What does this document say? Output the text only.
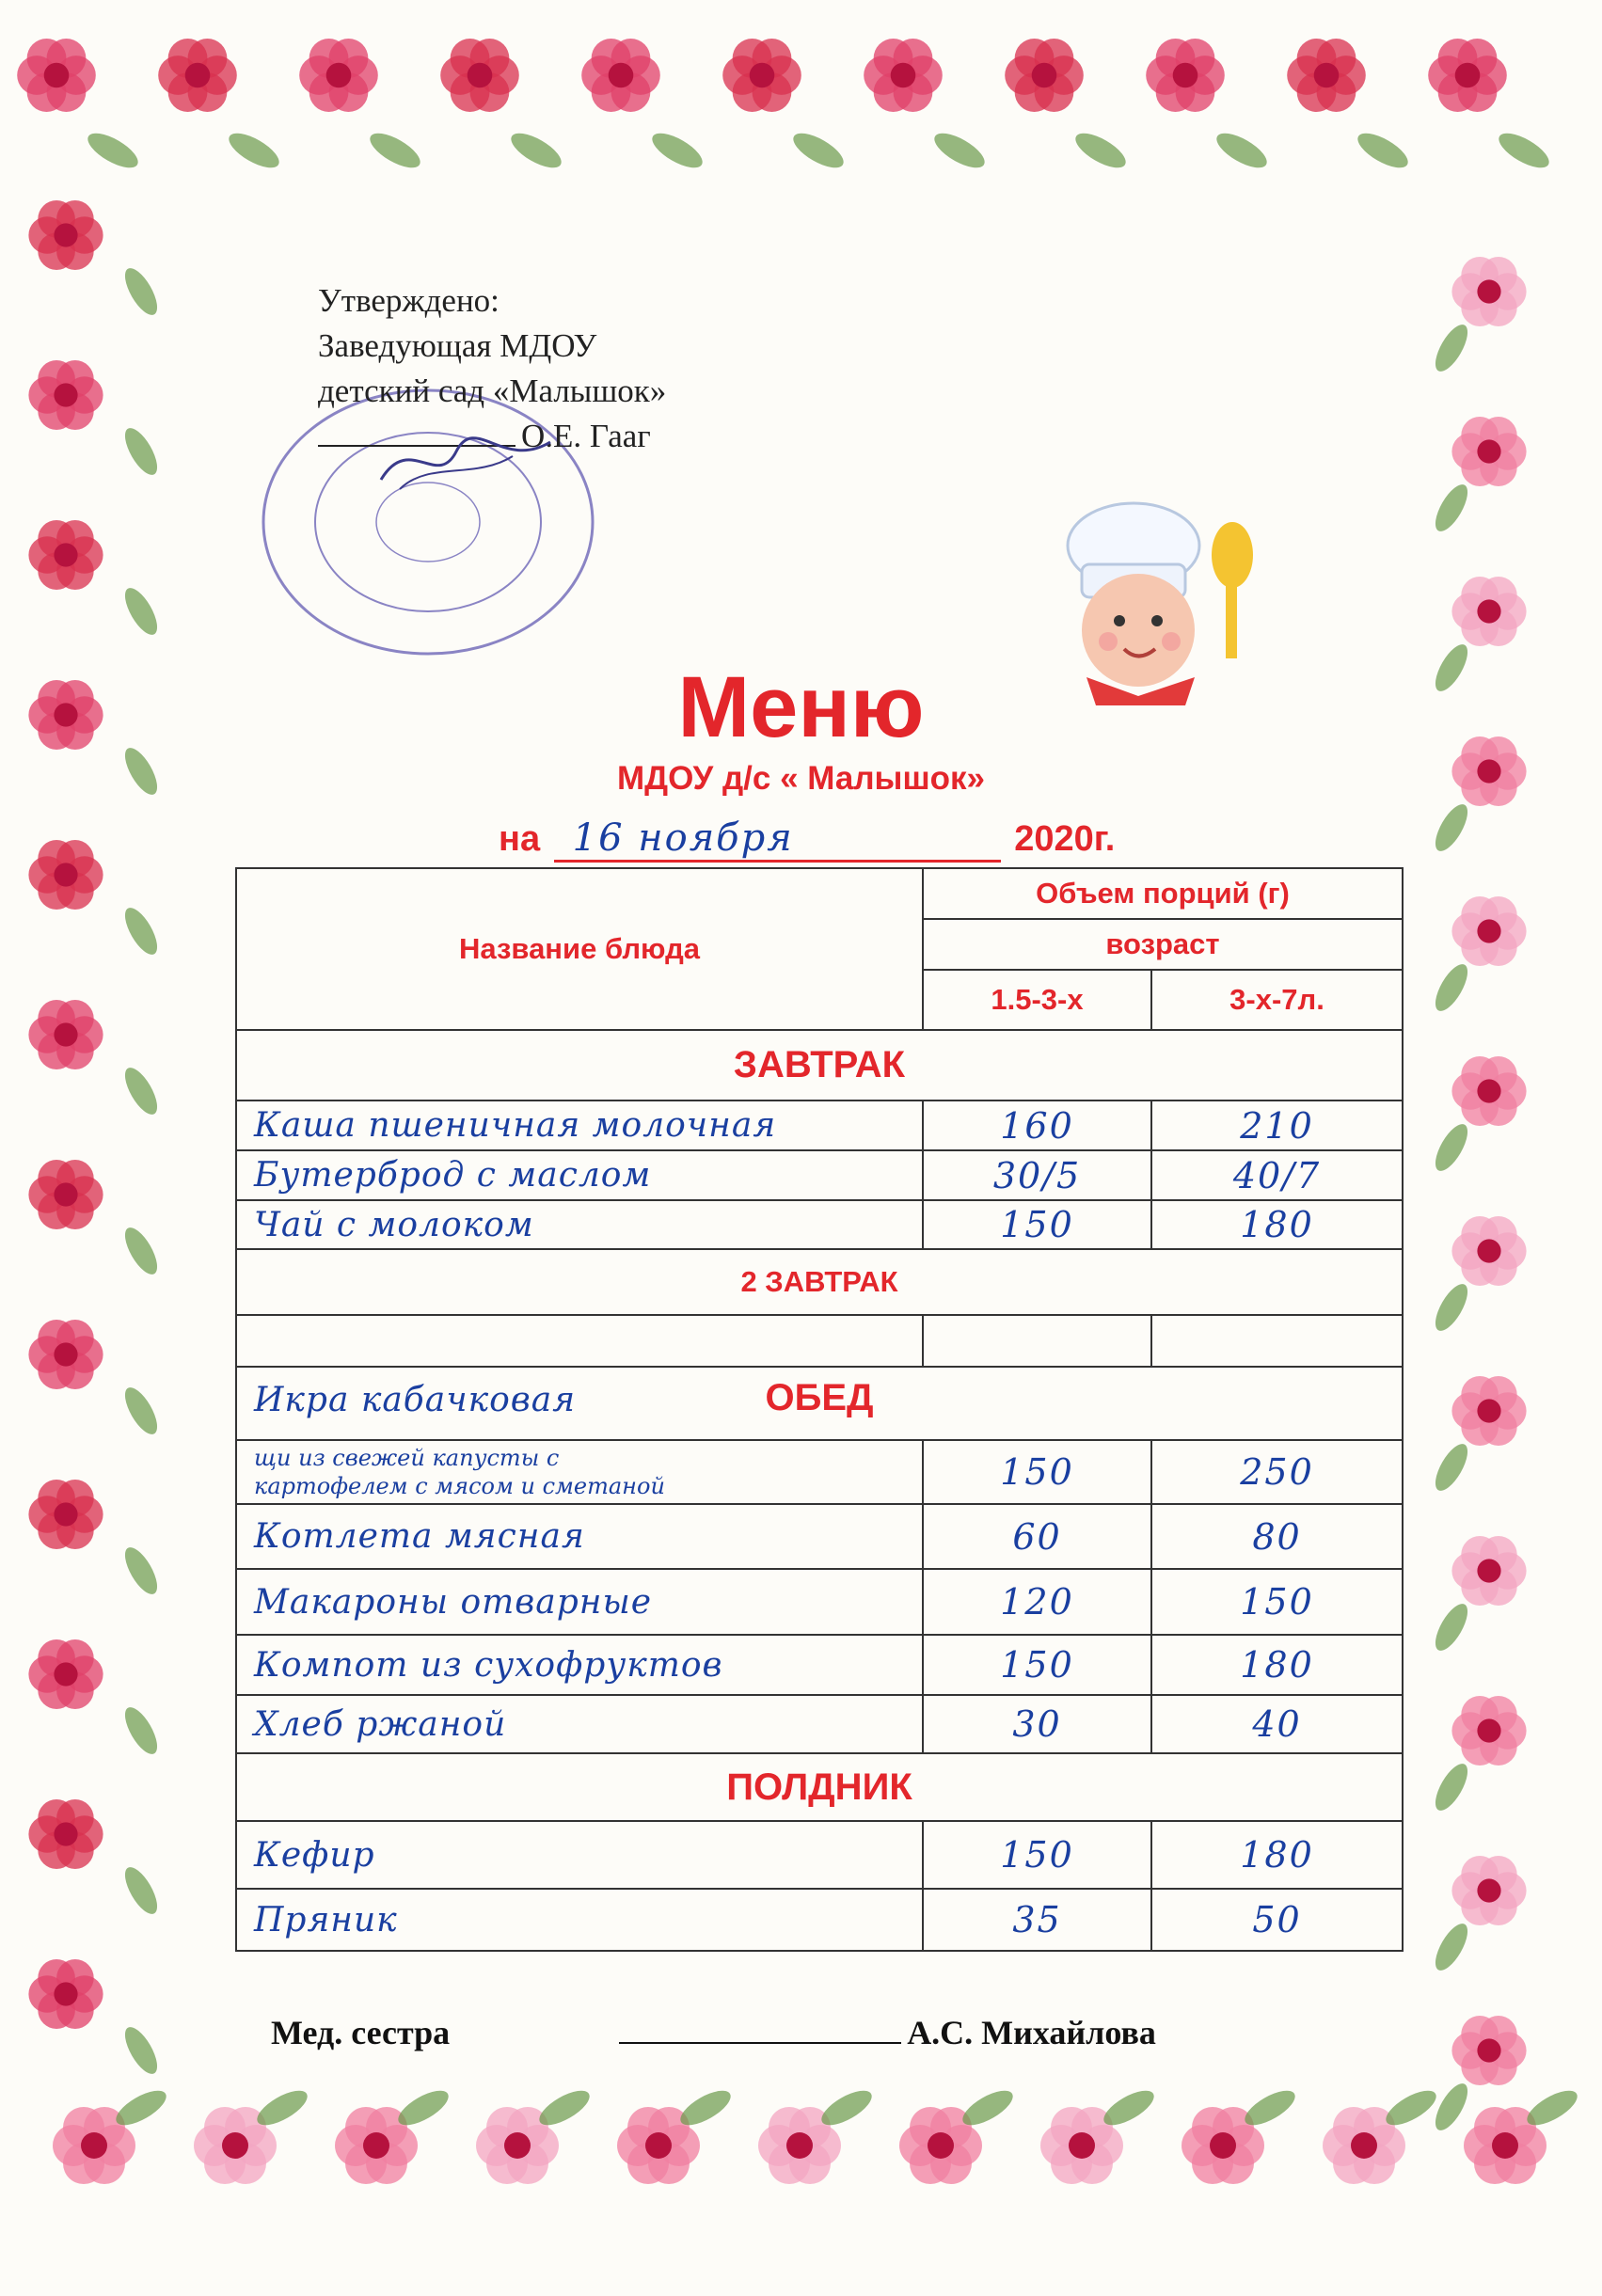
Утверждено:
Заведующая МДОУ
детский сад «Малышок»
О.Е. Гааг
Меню
МДОУ д/с « Малышок»
на 16 ноября	2020г.
Название блюда	Объем порций (г)	
	возраст	
	1.5-3-х	3-х-7л.
ЗАВТРАК		
Каша пшеничная молочная	160	210
Бутерброд с маслом	30/5	40/7
Чай с молоком	150	180
2 ЗАВТРАК		

Икра кабачковая ОБЕД		

щи из свежей капусты с
картофелем с мясом и сметаной	150	250
Котлета мясная	60	80
Макароны отварные	120	150
Компот из сухофруктов	150	180
Хлеб ржаной	30	40
ПОЛДНИК		
Кефир	150	180
Пряник	35	50
Мед. сестра	А.С. Михайлова
